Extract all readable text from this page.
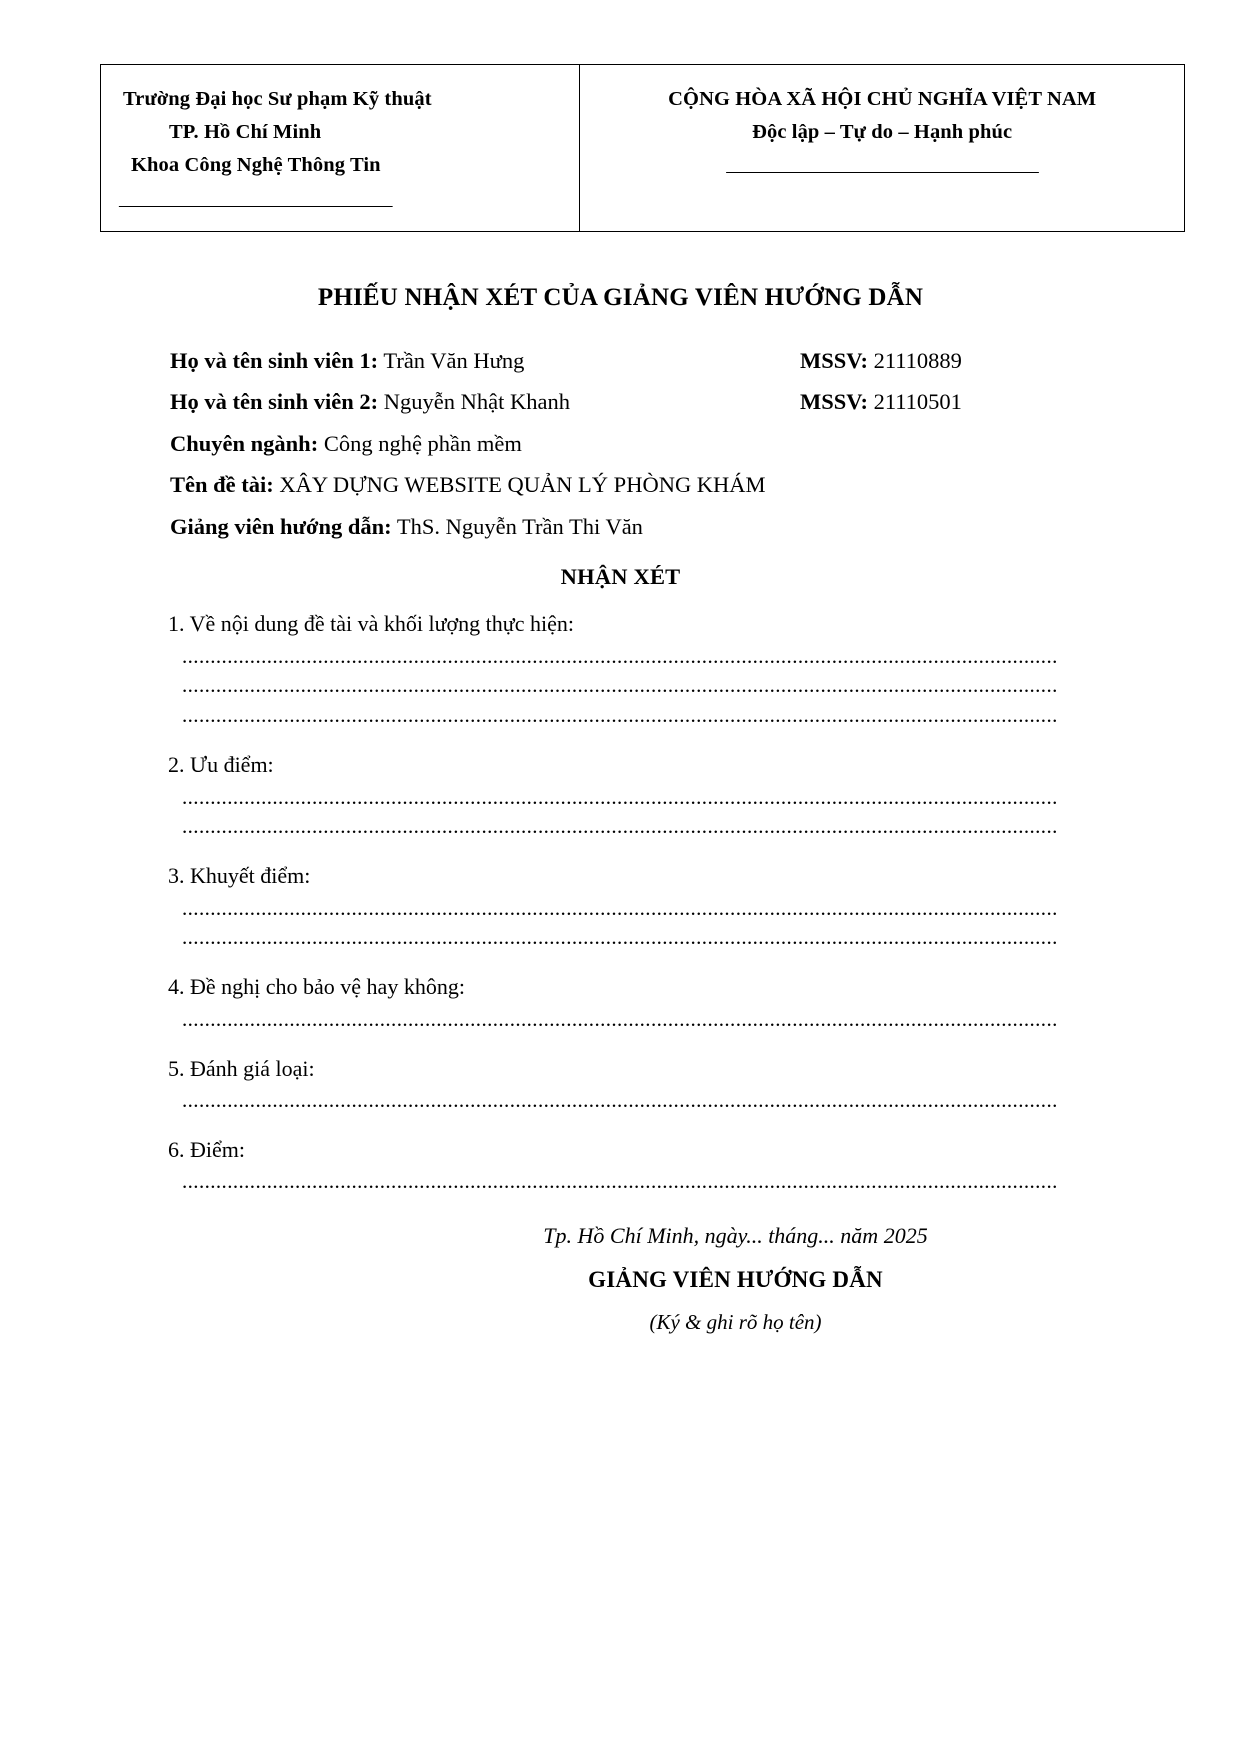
Trường Đại học Sư phạm Kỹ thuật
TP. Hồ Chí Minh
Khoa Công Nghệ Thông Tin
——————————————

CỘNG HÒA XÃ HỘI CHỦ NGHĨA VIỆT NAM
Độc lập – Tự do – Hạnh phúc
————————————————
PHIẾU NHẬN XÉT CỦA GIẢNG VIÊN HƯỚNG DẪN
Họ và tên sinh viên 1: Trần Văn Hưng	MSSV: 21110889
Họ và tên sinh viên 2: Nguyễn Nhật Khanh	MSSV: 21110501
Chuyên ngành: Công nghệ phần mềm
Tên đề tài: XÂY DỰNG WEBSITE QUẢN LÝ PHÒNG KHÁM
Giảng viên hướng dẫn: ThS. Nguyễn Trần Thi Văn
NHẬN XÉT
1. Về nội dung đề tài và khối lượng thực hiện:
...........................................................................................................................................................
...........................................................................................................................................................
...........................................................................................................................................................
2. Ưu điểm:
...........................................................................................................................................................
...........................................................................................................................................................
3. Khuyết điểm:
...........................................................................................................................................................
...........................................................................................................................................................
4. Đề nghị cho bảo vệ hay không:
...........................................................................................................................................................
5. Đánh giá loại:
...........................................................................................................................................................
6. Điểm:
...........................................................................................................................................................
Tp. Hồ Chí Minh, ngày... tháng... năm 2025
GIẢNG VIÊN HƯỚNG DẪN
(Ký & ghi rõ họ tên)
